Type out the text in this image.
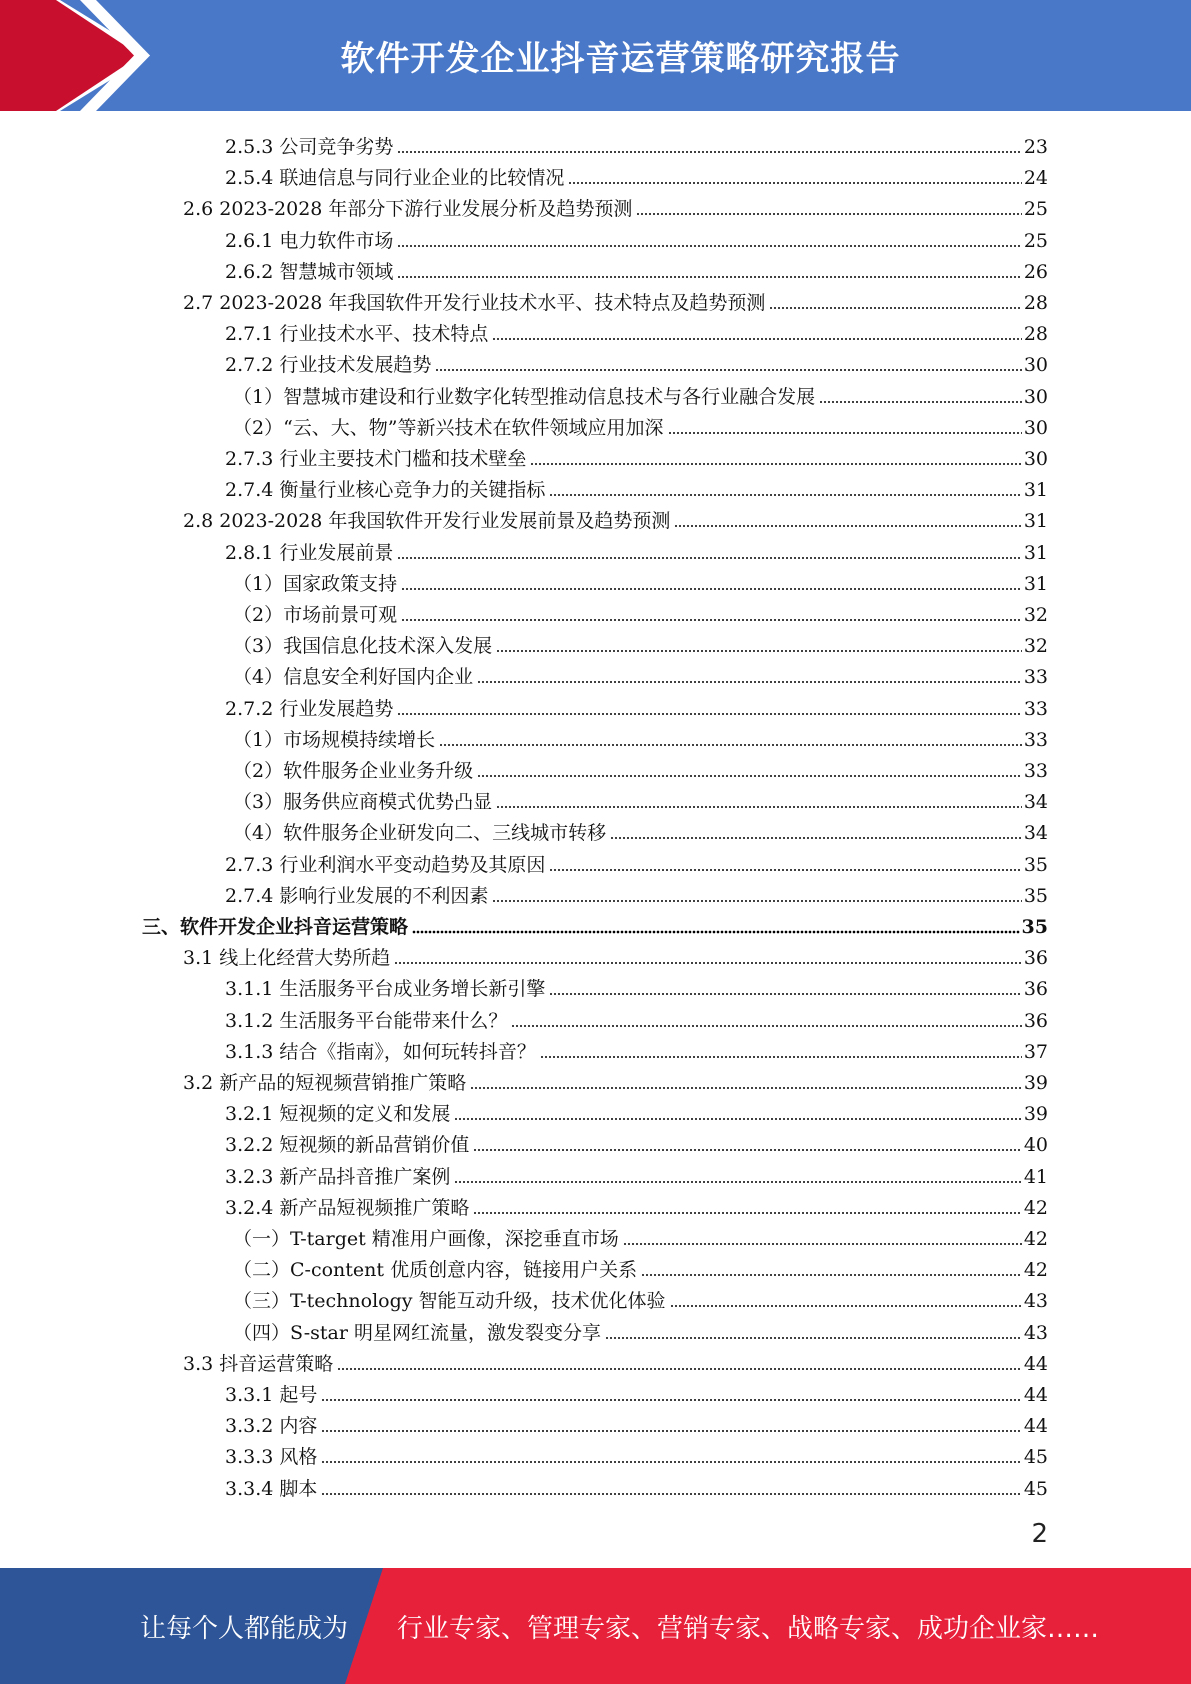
软件开发企业抖音运营策略研究报告
2.5.3 公司竞争劣势	23
2.5.4 联迪信息与同行业企业的比较情况	24
2.6 2023-2028 年部分下游行业发展分析及趋势预测	25
2.6.1 电力软件市场	25
2.6.2 智慧城市领域	26
2.7 2023-2028 年我国软件开发行业技术水平、技术特点及趋势预测	28
2.7.1 行业技术水平、技术特点	28
2.7.2 行业技术发展趋势	30
（1）智慧城市建设和行业数字化转型推动信息技术与各行业融合发展	30
（2）“云、大、物”等新兴技术在软件领域应用加深	30
2.7.3 行业主要技术门槛和技术壁垒	30
2.7.4 衡量行业核心竞争力的关键指标	31
2.8 2023-2028 年我国软件开发行业发展前景及趋势预测	31
2.8.1 行业发展前景	31
（1）国家政策支持	31
（2）市场前景可观	32
（3）我国信息化技术深入发展	32
（4）信息安全利好国内企业	33
2.7.2 行业发展趋势	33
（1）市场规模持续增长	33
（2）软件服务企业业务升级	33
（3）服务供应商模式优势凸显	34
（4）软件服务企业研发向二、三线城市转移	34
2.7.3 行业利润水平变动趋势及其原因	35
2.7.4 影响行业发展的不利因素	35
三、软件开发企业抖音运营策略	35
3.1 线上化经营大势所趋	36
3.1.1 生活服务平台成业务增长新引擎	36
3.1.2 生活服务平台能带来什么？	36
3.1.3 结合《指南》，如何玩转抖音？	37
3.2 新产品的短视频营销推广策略	39
3.2.1 短视频的定义和发展	39
3.2.2 短视频的新品营销价值	40
3.2.3 新产品抖音推广案例	41
3.2.4 新产品短视频推广策略	42
（一）T-target 精准用户画像，深挖垂直市场	42
（二）C-content 优质创意内容，链接用户关系	42
（三）T-technology 智能互动升级，技术优化体验	43
（四）S-star 明星网红流量，激发裂变分享	43
3.3 抖音运营策略	44
3.3.1 起号	44
3.3.2 内容	44
3.3.3 风格	45
3.3.4 脚本	45
2
让每个人都能成为 行业专家、管理专家、营销专家、战略专家、成功企业家……
